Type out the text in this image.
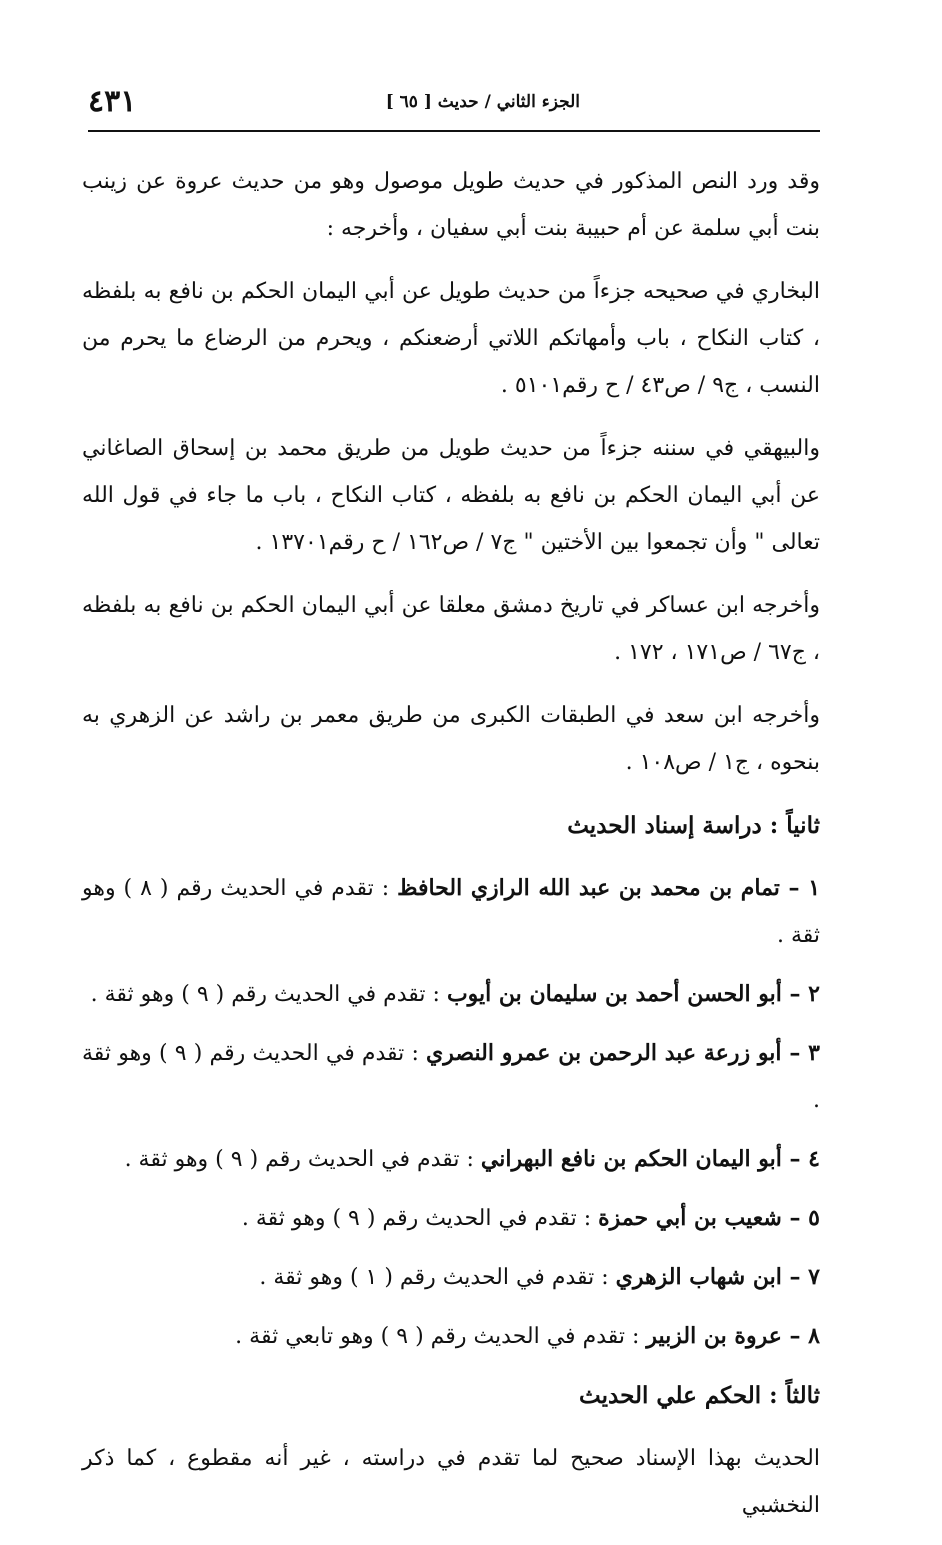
الجزء الثاني / حديث [ ٦٥ ]
٤٣١

وقد ورد النص المذكور في حديث طويل موصول وهو من حديث عروة عن زينب بنت أبي سلمة عن أم حبيبة بنت أبي سفيان ، وأخرجه :

البخاري في صحيحه جزءاً من حديث طويل عن أبي اليمان الحكم بن نافع به بلفظه ، كتاب النكاح ، باب وأمهاتكم اللاتي أرضعنكم ، ويحرم من الرضاع ما يحرم من النسب ، ج٩ / ص٤٣ / ح رقم٥١٠١ .

والبيهقي في سننه جزءاً من حديث طويل من طريق محمد بن إسحاق الصاغاني عن أبي اليمان الحكم بن نافع به بلفظه ، كتاب النكاح ، باب ما جاء في قول الله تعالى " وأن تجمعوا بين الأختين " ج٧ / ص١٦٢ / ح رقم١٣٧٠١ .

وأخرجه ابن عساكر في تاريخ دمشق معلقا عن أبي اليمان الحكم بن نافع به بلفظه ، ج٦٧ / ص١٧١ ، ١٧٢ .

وأخرجه ابن سعد في الطبقات الكبرى من طريق معمر بن راشد عن الزهري به بنحوه ، ج١ / ص١٠٨ .

ثانياً : دراسة إسناد الحديث
١ – تمام بن محمد بن عبد الله الرازي الحافظ : تقدم في الحديث رقم ( ٨ ) وهو ثقة .
٢ – أبو الحسن أحمد بن سليمان بن أيوب : تقدم في الحديث رقم ( ٩ ) وهو ثقة .
٣ – أبو زرعة عبد الرحمن بن عمرو النصري : تقدم في الحديث رقم ( ٩ ) وهو ثقة .
٤ – أبو اليمان الحكم بن نافع البهراني : تقدم في الحديث رقم ( ٩ ) وهو ثقة .
٥ – شعيب بن أبي حمزة : تقدم في الحديث رقم ( ٩ ) وهو ثقة .
٧ – ابن شهاب الزهري : تقدم في الحديث رقم ( ١ ) وهو ثقة .
٨ – عروة بن الزبير : تقدم في الحديث رقم ( ٩ ) وهو تابعي ثقة .
ثالثاً : الحكم علي الحديث

الحديث بهذا الإسناد صحيح لما تقدم في دراسته ، غير أنه مقطوع ، كما ذكر النخشبي
